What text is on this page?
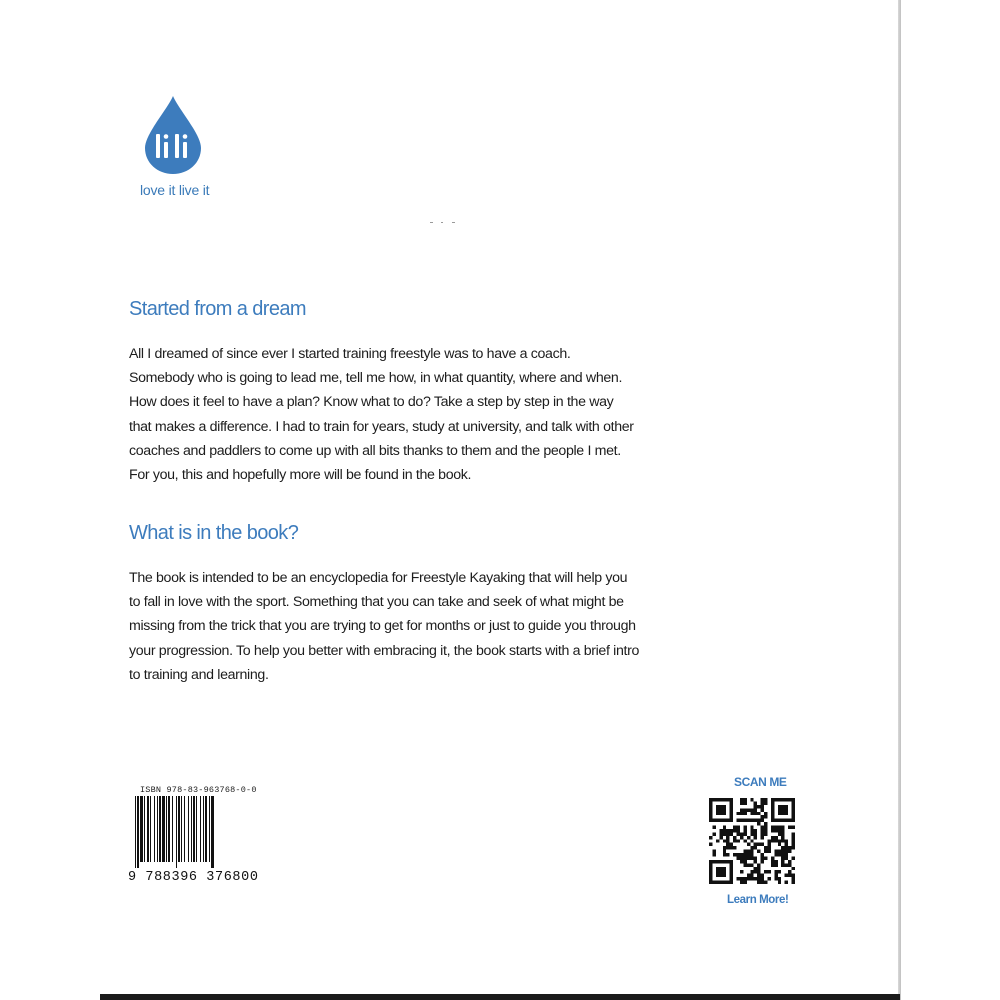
love it live it
Started from a dream

All I dreamed of since ever I started training freestyle was to have a coach. Somebody who is going to lead me, tell me how, in what quantity, where and when. How does it feel to have a plan? Know what to do? Take a step by step in the way that makes a difference. I had to train for years, study at university, and talk with other coaches and paddlers to come up with all bits thanks to them and the people I met. For you, this and hopefully more will be found in the book.

What is in the book?

The book is intended to be an encyclopedia for Freestyle Kayaking that will help you to fall in love with the sport. Something that you can take and seek of what might be missing from the trick that you are trying to get for months or just to guide you through your progression. To help you better with embracing it, the book starts with a brief intro to training and learning.

ISBN 978-83-963768-0-0
9 788396 376800
SCAN ME
Learn More!
